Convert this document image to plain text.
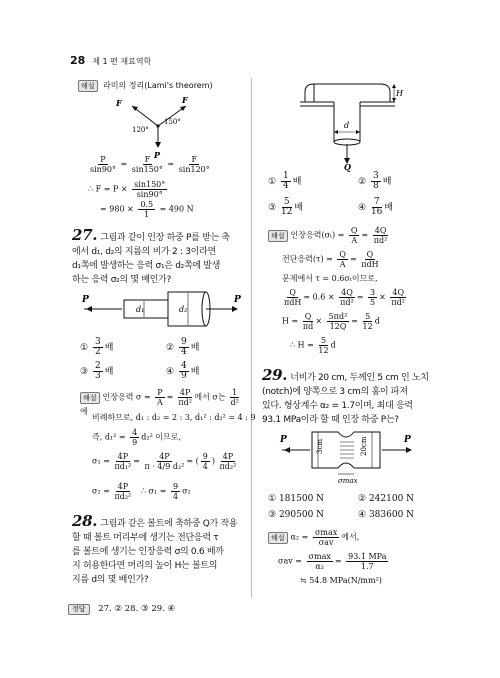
28 제 1 편 재료역학
해설 라미의 정리(Lami's theorem)
F	F
120°
150°
P
$\frac{P}{\sin 90^\circ} = \frac{F}{\sin 150^\circ} = \frac{F}{\sin 120^\circ}$
∴ $F = P \times \frac{\sin 150^\circ}{\sin 90^\circ}$
= $980 \times \frac{0.5}{1} = 490$ N
27. 그림과 같이 인장 하중 P를 받는 축
에서 d₁, d₂의 지름의 비가 2 : 3이라면
d₁쪽에 발생하는 응력 σ₁은 d₂쪽에 발생
하는 응력 σ₂의 몇 배인가?
d₁	d₂
P	P
① $\frac{3}{2}$ 배	② $\frac{9}{4}$ 배
③ $\frac{2}{3}$ 배	④ $\frac{4}{9}$ 배
해설 인장응력 $\sigma = \frac{P}{A} = \frac{4P}{\text{πd²}}$ 에서 σ는 $\frac{1}{\text{d²}}$
에
비례하므로, d₁ : d₂ = 2 : 3, d₁² : d₂² = 4 : 9
즉, $d_1^2 = \frac{4}{9} d_2^2$ 이므로,
$\sigma_1 = \frac{4P}{\text{πd₁²}} = \frac{4P}{\text{π · 4/9 d₂²}}$ = ( $\frac{9}{4}$ ) $\frac{4P}{\text{πd₂²}}$
$\sigma_2 = \frac{4P}{\text{πd₂²}}$ ∴ $\sigma_1 = \frac{9}{4} \sigma_2$
28. 그림과 같은 볼트에 축하중 Q가 작용
할 때 볼트 머리부에 생기는 전단응력 τ
를 볼트에 생기는 인장응력 σ의 0.6 배까
지 허용한다면 머리의 높이 H는 볼트의
지름 d의 몇 배인가?
d
H
Q
① $\frac{1}{4}$ 배	② $\frac{3}{8}$ 배
③ $\frac{5}{12}$ 배	④ $\frac{7}{16}$ 배
해설 인장응력$(\sigma_t) = \frac{Q}{A} = \frac{4Q}{\text{πd²}}$
전단응력$(\tau) = \frac{Q}{A} = \frac{Q}{\text{πdH}}$
문제에서 τ = 0.6σₜ이므로,
$\frac{Q}{\text{πdH}} = 0.6 \times \frac{4Q}{\text{πd²}} = \frac{3}{5} \times \frac{4Q}{\text{πd²}}$
$H = \frac{Q}{\pi d} \times \frac{\text{5πd²}}{12Q} = \frac{5}{12}$ d
∴ $H = \frac{5}{12}$ d
29. 너비가 20 cm, 두께인 5 cm 인 노치
(notch)에 양쪽으로 3 cm의 홈이 파져
있다. 형상계수 α₂ = 1.7이며, 최대 응력
93.1 MPa이라 할 때 인장 하중 P는?
3cm	20cm
σmax
P	P
① 181500 N	② 242100 N
③ 290500 N	④ 383600 N
해설 $\alpha_2 = \frac{\sigma\max}{\text{σav}}$ 에서,
$\sigma av = \frac{\sigma\max}{\text{α₂}} = \frac{\text{93.1 MPa}}{1.7}$
≒ 54.8 MPa(N/mm²)
정답 27. ② 28. ③ 29. ④
